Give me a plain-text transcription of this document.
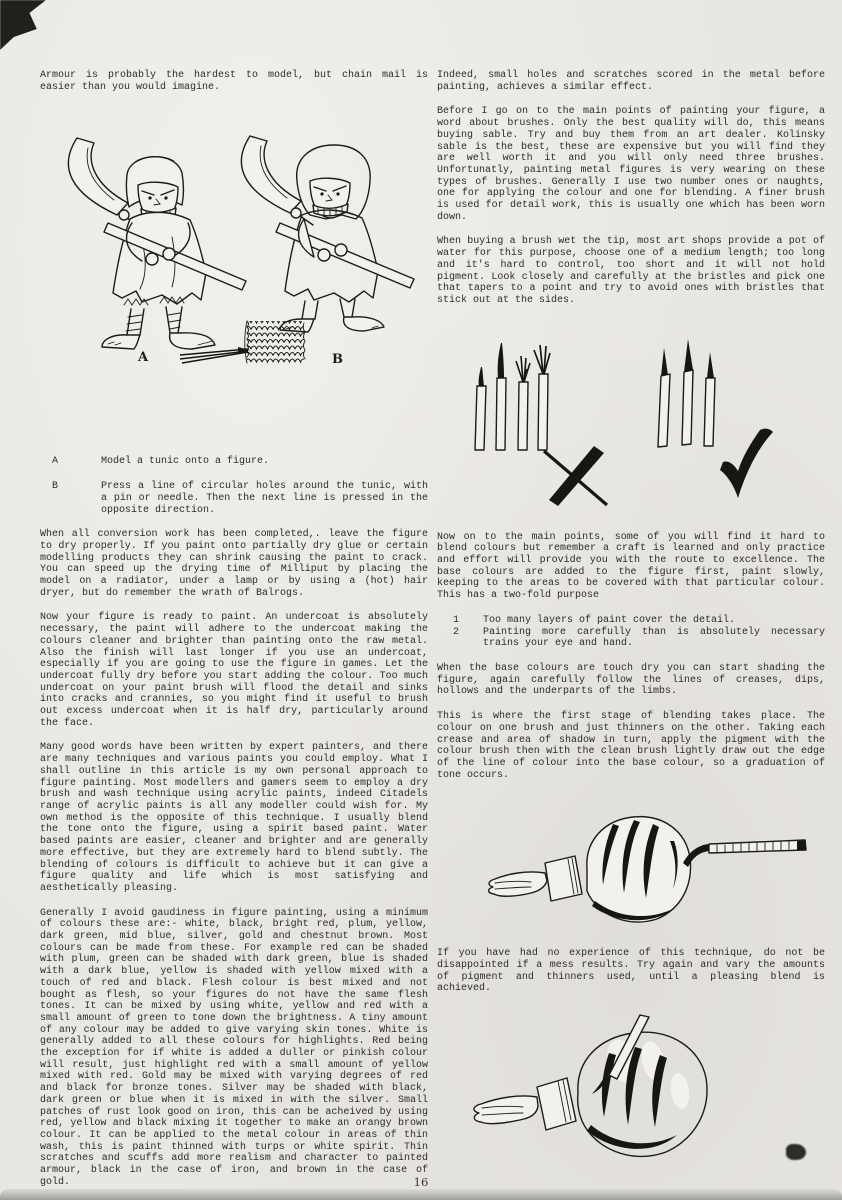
Armour is probably the hardest to model, but chain mail is easier than you would imagine.

A	B
A	Model a tunic onto a figure.
B	Press a line of circular holes around the tunic, with a pin or needle. Then the next line is pressed in the opposite direction.

When all conversion work has been completed,. leave the figure to dry properly. If you paint onto partially dry glue or certain modelling products they can shrink causing the paint to crack. You can speed up the drying time of Milliput by placing the model on a radiator, under a lamp or by using a (hot) hair dryer, but do remember the wrath of Balrogs.

Now your figure is ready to paint. An undercoat is absolutely necessary, the paint will adhere to the undercoat making the colours cleaner and brighter than painting onto the raw metal. Also the finish will last longer if you use an undercoat, especially if you are going to use the figure in games. Let the undercoat fully dry before you start adding the colour. Too much undercoat on your paint brush will flood the detail and sinks into cracks and crannies, so you might find it useful to brush out excess undercoat when it is half dry, particularly around the face.

Many good words have been written by expert painters, and there are many techniques and various paints you could employ. What I shall outline in this article is my own personal approach to figure painting. Most modellers and gamers seem to employ a dry brush and wash technique using acrylic paints, indeed Citadels range of acrylic paints is all any modeller could wish for. My own method is the opposite of this technique. I usually blend the tone onto the figure, using a spirit based paint. Water based paints are easier, cleaner and brighter and are generally more effective, but they are extremely hard to blend subtly. The blending of colours is difficult to achieve but it can give a figure quality and life which is most satisfying and aesthetically pleasing.

Generally I avoid gaudiness in figure painting, using a minimum of colours these are:- white, black, bright red, plum, yellow, dark green, mid blue, silver, gold and chestnut brown. Most colours can be made from these. For example red can be shaded with plum, green can be shaded with dark green, blue is shaded with a dark blue, yellow is shaded with yellow mixed with a touch of red and black. Flesh colour is best mixed and not bought as flesh, so your figures do not have the same flesh tones. It can be mixed by using white, yellow and red with a small amount of green to tone down the brightness. A tiny amount of any colour may be added to give varying skin tones. White is generally added to all these colours for highlights. Red being the exception for if white is added a duller or pinkish colour will result, just highlight red with a small amount of yellow mixed with red. Gold may be mixed with varying degrees of red and black for bronze tones. Silver may be shaded with black, dark green or blue when it is mixed in with the silver. Small patches of rust look good on iron, this can be acheived by using red, yellow and black mixing it together to make an orangy brown colour. It can be applied to the metal colour in areas of thin wash, this is paint thinned with turps or white spirit. Thin scratches and scuffs add more realism and character to painted armour, black in the case of iron, and brown in the case of gold.

Indeed, small holes and scratches scored in the metal before painting, achieves a similar effect.

Before I go on to the main points of painting your figure, a word about brushes. Only the best quality will do, this means buying sable. Try and buy them from an art dealer. Kolinsky sable is the best, these are expensive but you will find they are well worth it and you will only need three brushes. Unfortunatly, painting metal figures is very wearing on these types of brushes. Generally I use two number ones or naughts, one for applying the colour and one for blending. A finer brush is used for detail work, this is usually one which has been worn down.

When buying a brush wet the tip, most art shops provide a pot of water for this purpose, choose one of a medium length; too long and it's hard to control, too short and it will not hold pigment. Look closely and carefully at the bristles and pick one that tapers to a point and try to avoid ones with bristles that stick out at the sides.

Now on to the main points, some of you will find it hard to blend colours but remember a craft is learned and only practice and effort will provide you with the route to excellence. The base colours are added to the figure first, paint slowly, keeping to the areas to be covered with that particular colour. This has a two-fold purpose

1	Too many layers of paint cover the detail.
2	Painting more carefully than is absolutely necessary trains your eye and hand.

When the base colours are touch dry you can start shading the figure, again carefully follow the lines of creases, dips, hollows and the underparts of the limbs.

This is where the first stage of blending takes place. The colour on one brush and just thinners on the other. Taking each crease and area of shadow in turn, apply the pigment with the colour brush then with the clean brush lightly draw out the edge of the line of colour into the base colour, so a graduation of tone occurs.

If you have had no experience of this technique, do not be disappointed if a mess results. Try again and vary the amounts of pigment and thinners used, until a pleasing blend is achieved.

16
